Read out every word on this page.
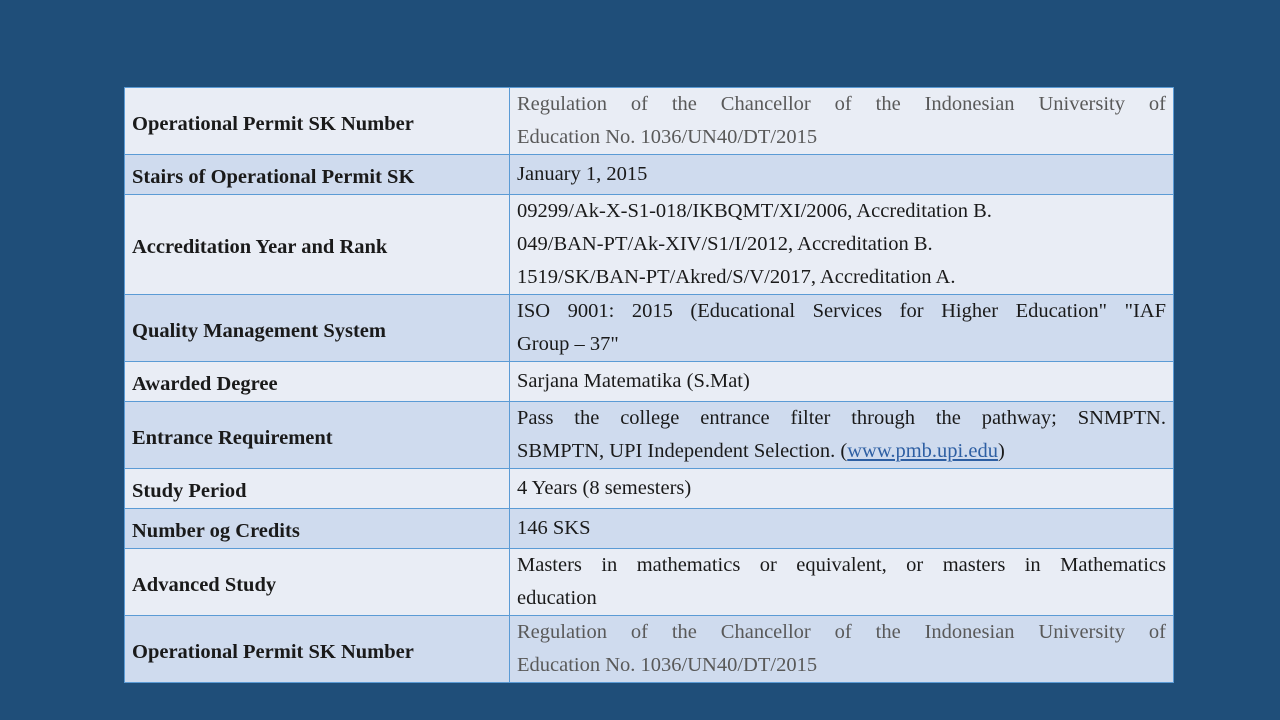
Operational Permit SK Number	Regulation of the Chancellor of the Indonesian University of
Education No. 1036/UN40/DT/2015

Stairs of Operational Permit SK	January 1, 2015

Accreditation Year and Rank	09299/Ak-X-S1-018/IKBQMT/XI/2006, Accreditation B.
049/BAN-PT/Ak-XIV/S1/I/2012, Accreditation B.
1519/SK/BAN-PT/Akred/S/V/2017, Accreditation A.

Quality Management System	ISO 9001: 2015 (Educational Services for Higher Education" "IAF
Group – 37"

Awarded Degree	Sarjana Matematika (S.Mat)

Entrance Requirement	Pass the college entrance filter through the pathway; SNMPTN.
SBMPTN, UPI Independent Selection. (www.pmb.upi.edu)

Study Period	4 Years (8 semesters)

Number og Credits	146 SKS

Advanced Study	Masters in mathematics or equivalent, or masters in Mathematics
education

Operational Permit SK Number	Regulation of the Chancellor of the Indonesian University of
Education No. 1036/UN40/DT/2015
